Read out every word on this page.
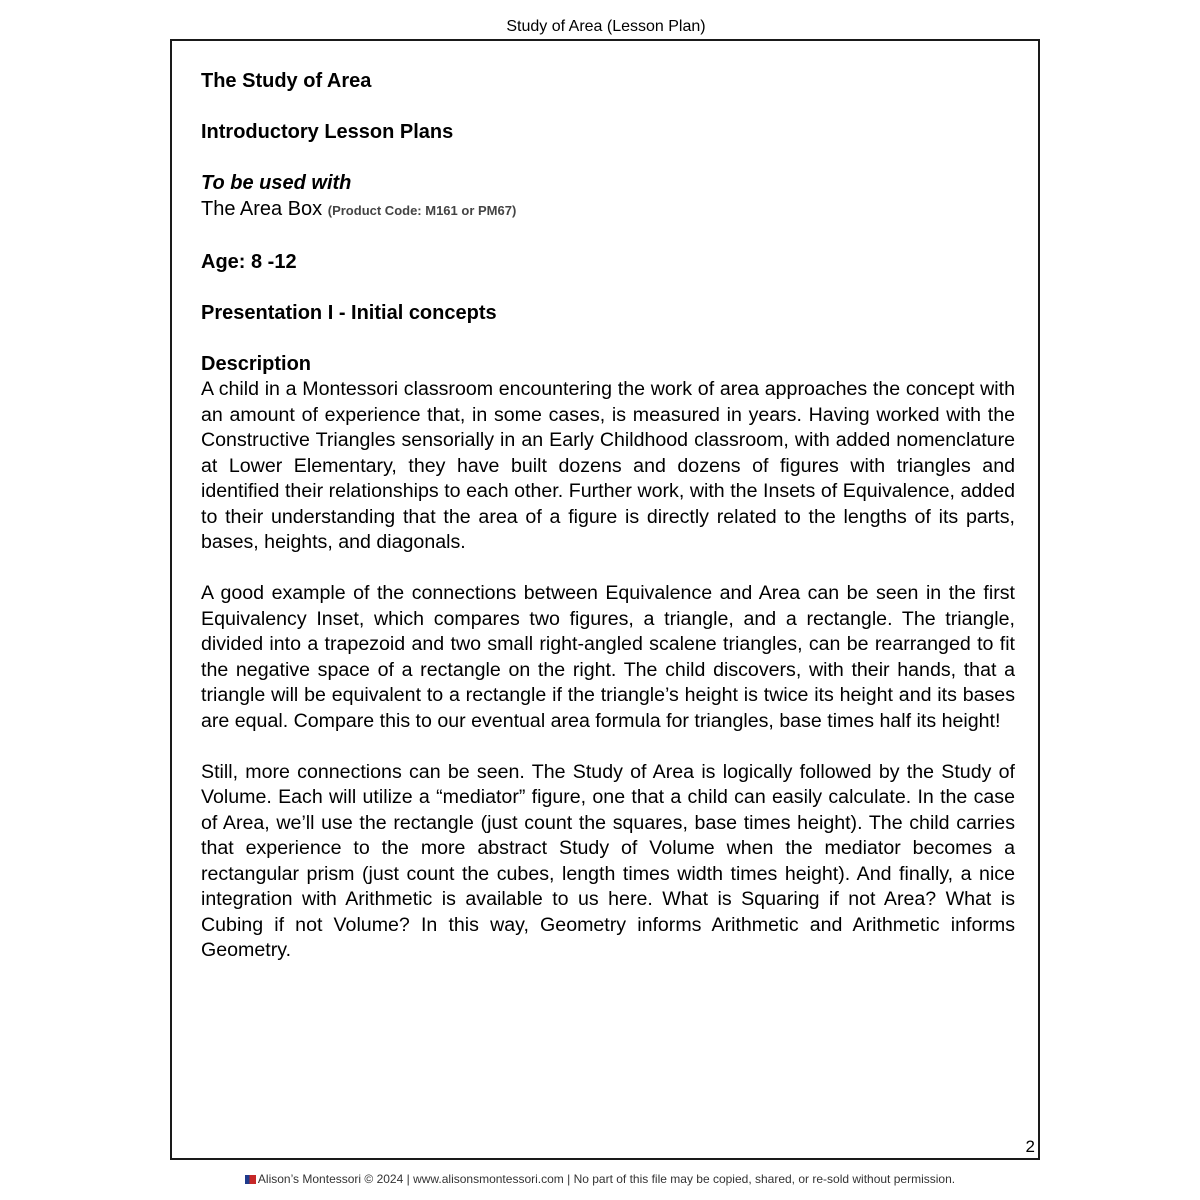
Study of Area (Lesson Plan)

The Study of Area

Introductory Lesson Plans

To be used with

The Area Box (Product Code: M161 or PM67)

Age: 8 -12

Presentation I - Initial concepts

Description

A child in a Montessori classroom encountering the work of area approaches the concept with an amount of experience that, in some cases, is measured in years. Having worked with the Constructive Triangles sensorially in an Early Childhood classroom, with added nomenclature at Lower Elementary, they have built dozens and dozens of figures with triangles and identified their relationships to each other. Further work, with the Insets of Equivalence, added to their understanding that the area of a figure is directly related to the lengths of its parts, bases, heights, and diagonals.

A good example of the connections between Equivalence and Area can be seen in the first Equivalency Inset, which compares two figures, a triangle, and a rectangle. The triangle, divided into a trapezoid and two small right-angled scalene triangles, can be rearranged to fit the negative space of a rectangle on the right. The child discovers, with their hands, that a triangle will be equivalent to a rectangle if the triangle’s height is twice its height and its bases are equal. Compare this to our eventual area formula for triangles, base times half its height!

Still, more connections can be seen. The Study of Area is logically followed by the Study of Volume. Each will utilize a “mediator” figure, one that a child can easily calculate. In the case of Area, we’ll use the rectangle (just count the squares, base times height). The child carries that experience to the more abstract Study of Volume when the mediator becomes a rectangular prism (just count the cubes, length times width times height). And finally, a nice integration with Arithmetic is available to us here. What is Squaring if not Area? What is Cubing if not Volume? In this way, Geometry informs Arithmetic and Arithmetic informs Geometry.

2
Alison’s Montessori © 2024 | www.alisonsmontessori.com | No part of this file may be copied, shared, or re-sold without permission.
